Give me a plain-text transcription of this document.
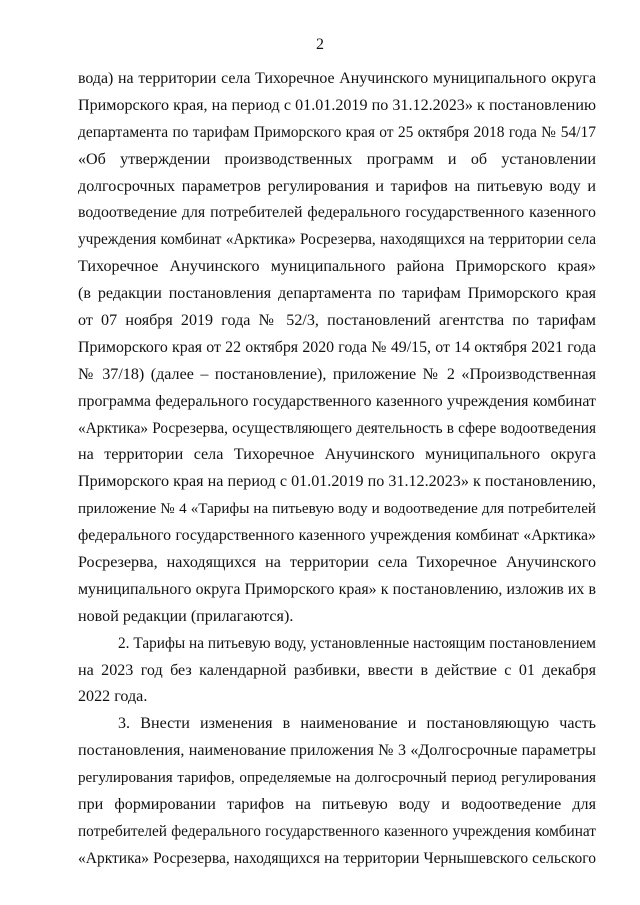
2
вода) на территории села Тихоречное Анучинского муниципального округа
Приморского края, на период с 01.01.2019 по 31.12.2023» к постановлению
департамента по тарифам Приморского края от 25 октября 2018 года № 54/17
«Об утверждении производственных программ и об установлении
долгосрочных параметров регулирования и тарифов на питьевую воду и
водоотведение для потребителей федерального государственного казенного
учреждения комбинат «Арктика» Росрезерва, находящихся на территории села
Тихоречное Анучинского муниципального района Приморского края»
(в редакции постановления департамента по тарифам Приморского края
от 07 ноября 2019 года № 52/3, постановлений агентства по тарифам
Приморского края от 22 октября 2020 года № 49/15, от 14 октября 2021 года
№ 37/18) (далее – постановление), приложение № 2 «Производственная
программа федерального государственного казенного учреждения комбинат
«Арктика» Росрезерва, осуществляющего деятельность в сфере водоотведения
на территории села Тихоречное Анучинского муниципального округа
Приморского края на период с 01.01.2019 по 31.12.2023» к постановлению,
приложение № 4 «Тарифы на питьевую воду и водоотведение для потребителей
федерального государственного казенного учреждения комбинат «Арктика»
Росрезерва, находящихся на территории села Тихоречное Анучинского
муниципального округа Приморского края» к постановлению, изложив их в
новой редакции (прилагаются).
2. Тарифы на питьевую воду, установленные настоящим постановлением
на 2023 год без календарной разбивки, ввести в действие с 01 декабря
2022 года.
3. Внести изменения в наименование и постановляющую часть
постановления, наименование приложения № 3 «Долгосрочные параметры
регулирования тарифов, определяемые на долгосрочный период регулирования
при формировании тарифов на питьевую воду и водоотведение для
потребителей федерального государственного казенного учреждения комбинат
«Арктика» Росрезерва, находящихся на территории Чернышевского сельского
